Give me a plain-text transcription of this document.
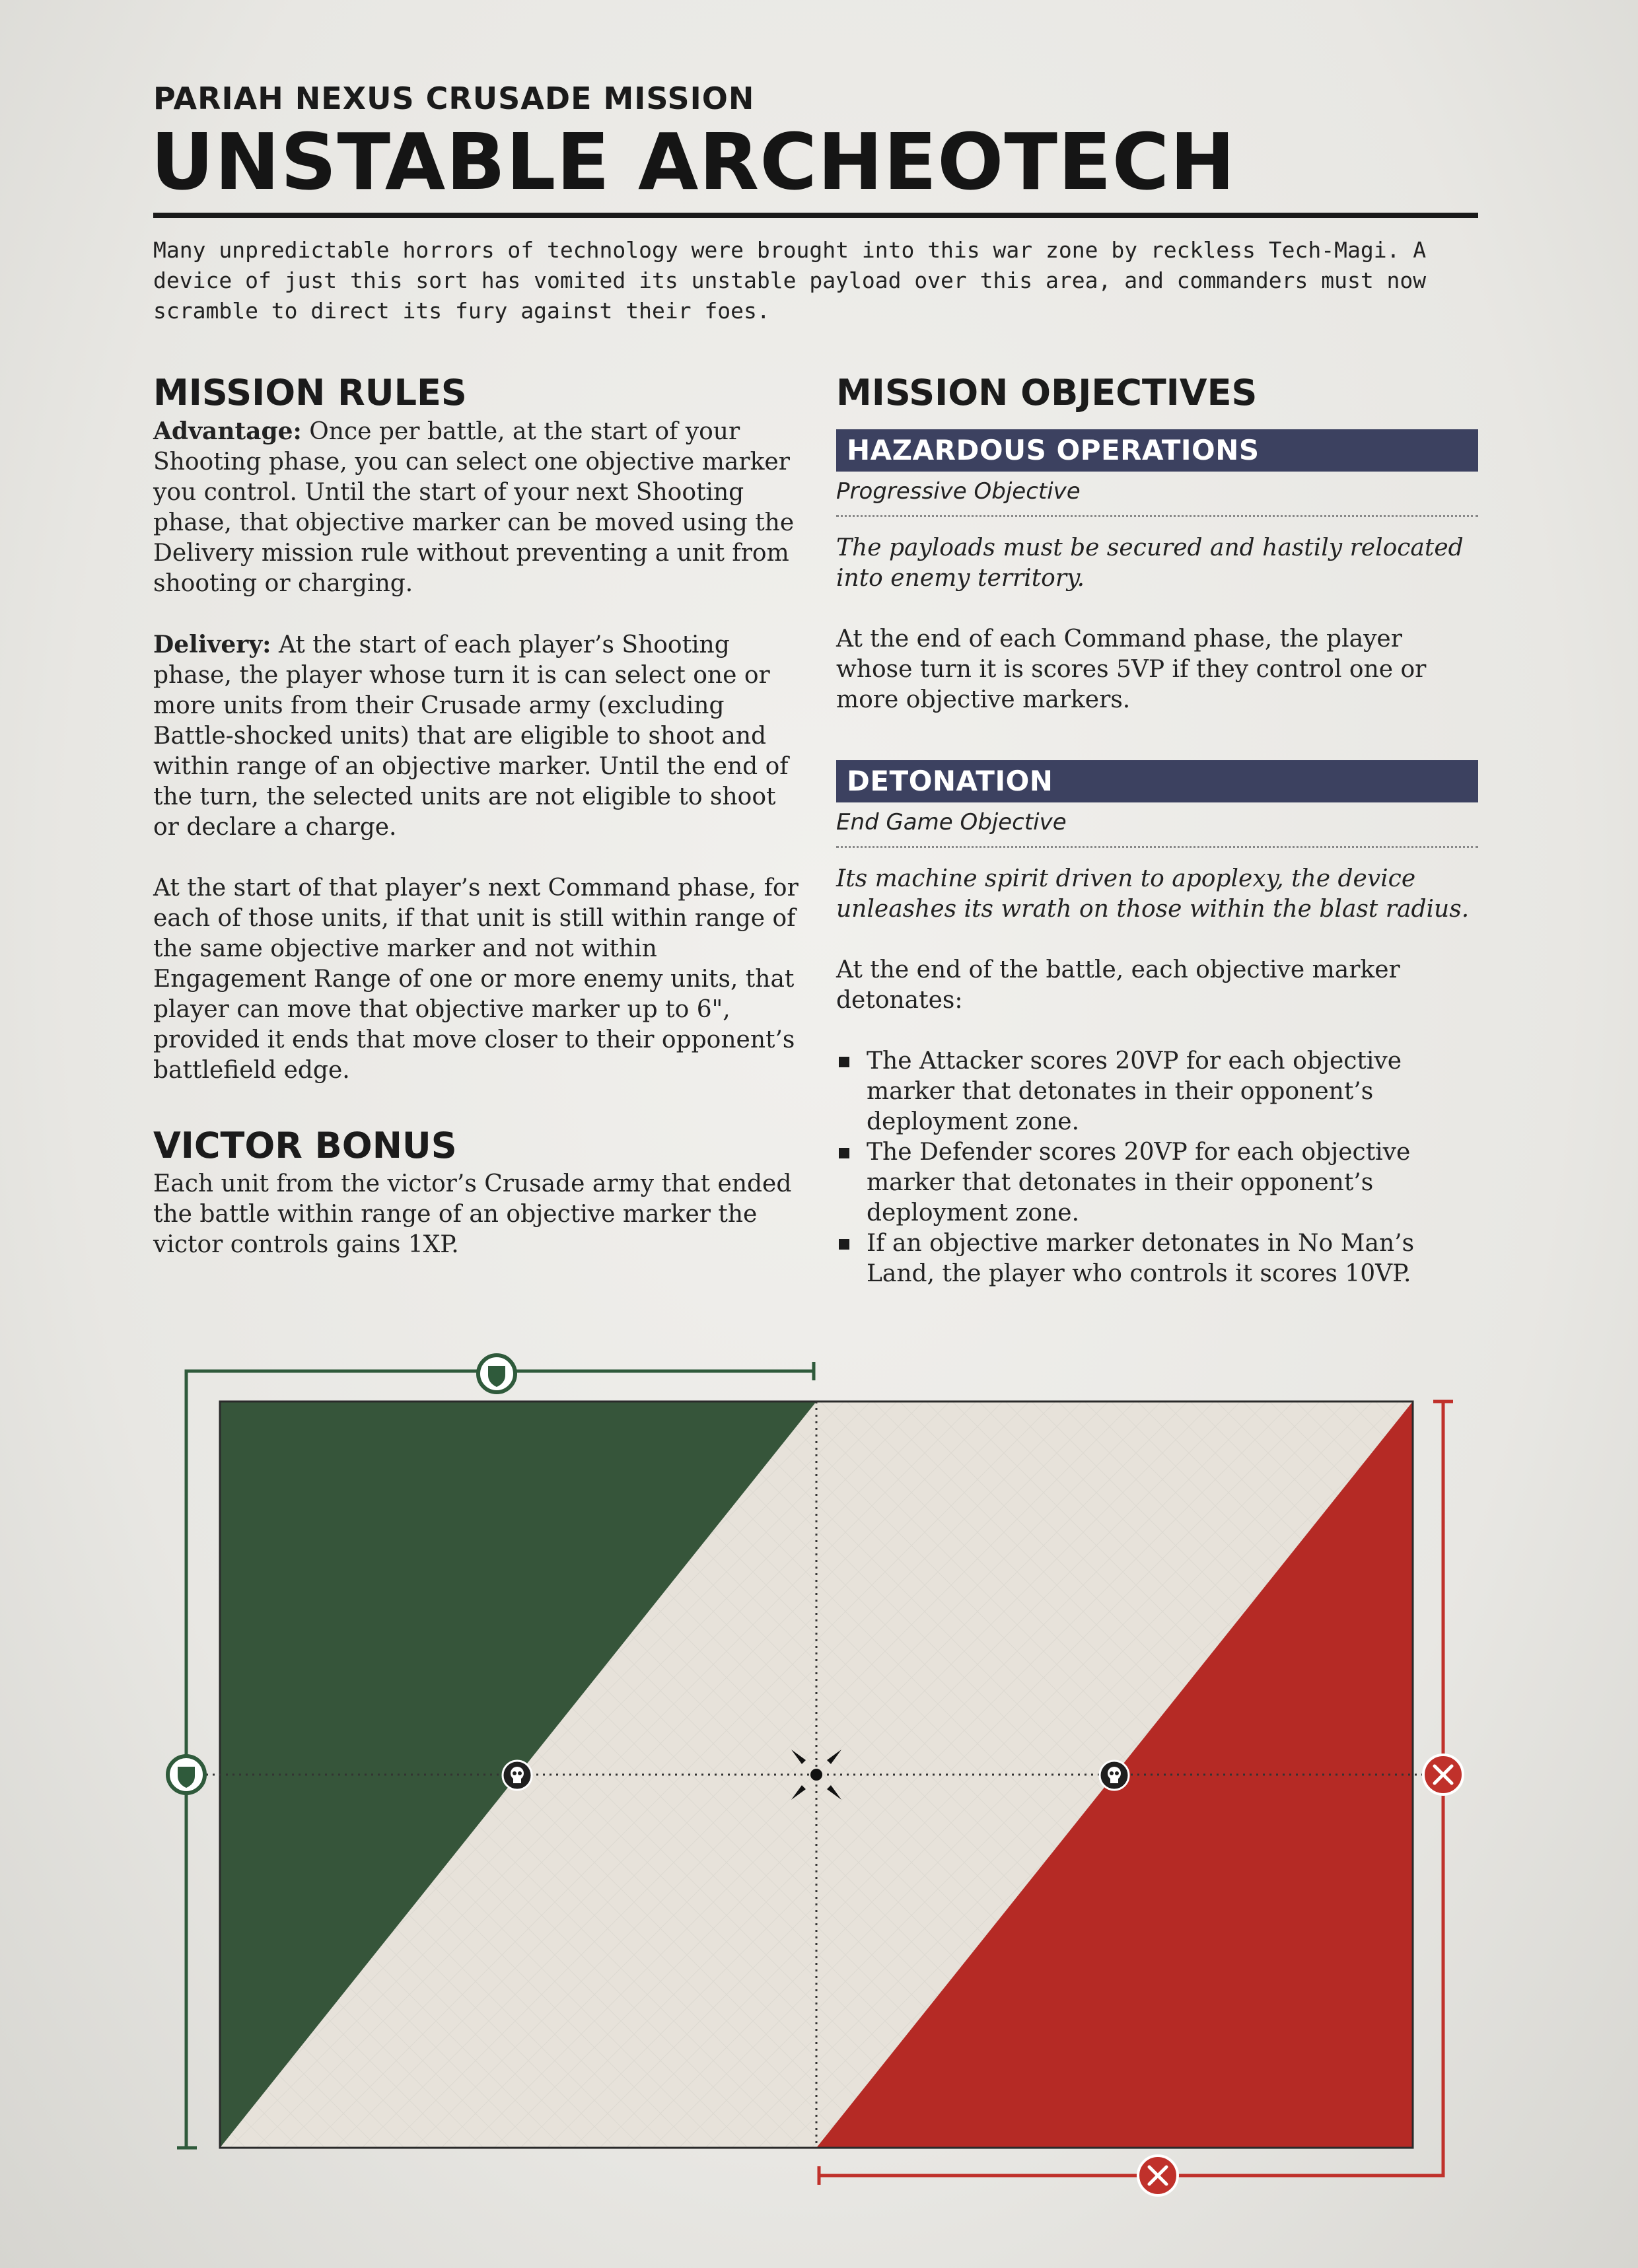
PARIAH NEXUS CRUSADE MISSION
UNSTABLE ARCHEOTECH
Many unpredictable horrors of technology were brought into this war zone by reckless Tech-Magi. A device of just this sort has vomited its unstable payload over this area, and commanders must now scramble to direct its fury against their foes.
MISSION RULES

Advantage: Once per battle, at the start of your Shooting phase, you can select one objective marker you control. Until the start of your next Shooting phase, that objective marker can be moved using the Delivery mission rule without preventing a unit from shooting or charging.

Delivery: At the start of each player’s Shooting phase, the player whose turn it is can select one or more units from their Crusade army (excluding Battle-shocked units) that are eligible to shoot and within range of an objective marker. Until the end of the turn, the selected units are not eligible to shoot or declare a charge.

At the start of that player’s next Command phase, for each of those units, if that unit is still within range of the same objective marker and not within Engagement Range of one or more enemy units, that player can move that objective marker up to 6", provided it ends that move closer to their opponent’s battlefield edge.

VICTOR BONUS

Each unit from the victor’s Crusade army that ended the battle within range of an objective marker the victor controls gains 1XP.

MISSION OBJECTIVES
HAZARDOUS OPERATIONS
Progressive Objective

The payloads must be secured and hastily relocated into enemy territory.

At the end of each Command phase, the player whose turn it is scores 5VP if they control one or more objective markers.

DETONATION
End Game Objective

Its machine spirit driven to apoplexy, the device unleashes its wrath on those within the blast radius.

At the end of the battle, each objective marker detonates:

The Attacker scores 20VP for each objective marker that detonates in their opponent’s deployment zone.
The Defender scores 20VP for each objective marker that detonates in their opponent’s deployment zone.
If an objective marker detonates in No Man’s Land, the player who controls it scores 10VP.
